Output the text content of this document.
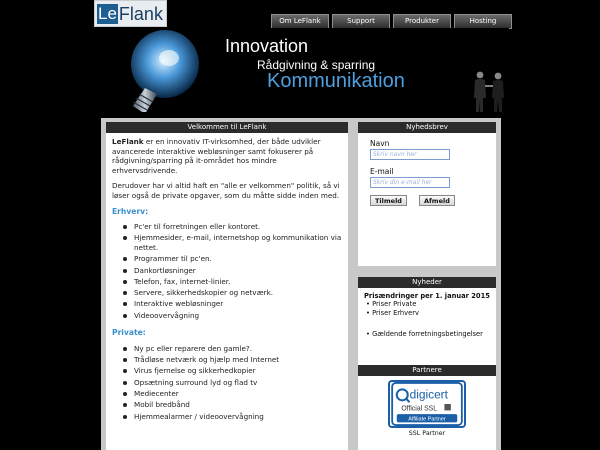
Le Flank	Om LeFlank	Support	Produkter	Hosting
Innovation
Rådgivning & sparring
Kommunikation
Velkommen til LeFlank

LeFlank er en innovativ IT-virksomhed, der både udvikler avancerede interaktive webløsninger samt fokuserer på rådgivning/sparring på it-området hos mindre erhvervsdrivende.

Derudover har vi altid haft en "alle er velkommen" politik, så vi løser også de private opgaver, som du måtte sidde inden med.

Erhverv:
Pc'er til forretningen eller kontoret.
Hjemmesider, e-mail, internetshop og kommunikation via nettet.
Programmer til pc'en.
Dankortløsninger
Telefon, fax, internet-linier.
Servere, sikkerhedskopier og netværk.
Interaktive webløsninger
Videoovervågning
Private:
Ny pc eller reparere den gamle?.
Trådløse netværk og hjælp med Internet
Virus fjernelse og sikkerhedkopier
Opsætning surround lyd og flad tv
Mediecenter
Mobil bredbånd
Hjemmealarmer / videoovervågning
Nyhedsbrev
Navn
Skriv navn her
E-mail
Skriv din e-mail her
Tilmeld	Afmeld
Nyheder
Prisændringer per 1. januar 2015
• Priser Private
• Priser Erhverv
• Gældende forretningsbetingelser
Partnere
digicert
Official SSL
Affiliate Partner
SSL Partner
